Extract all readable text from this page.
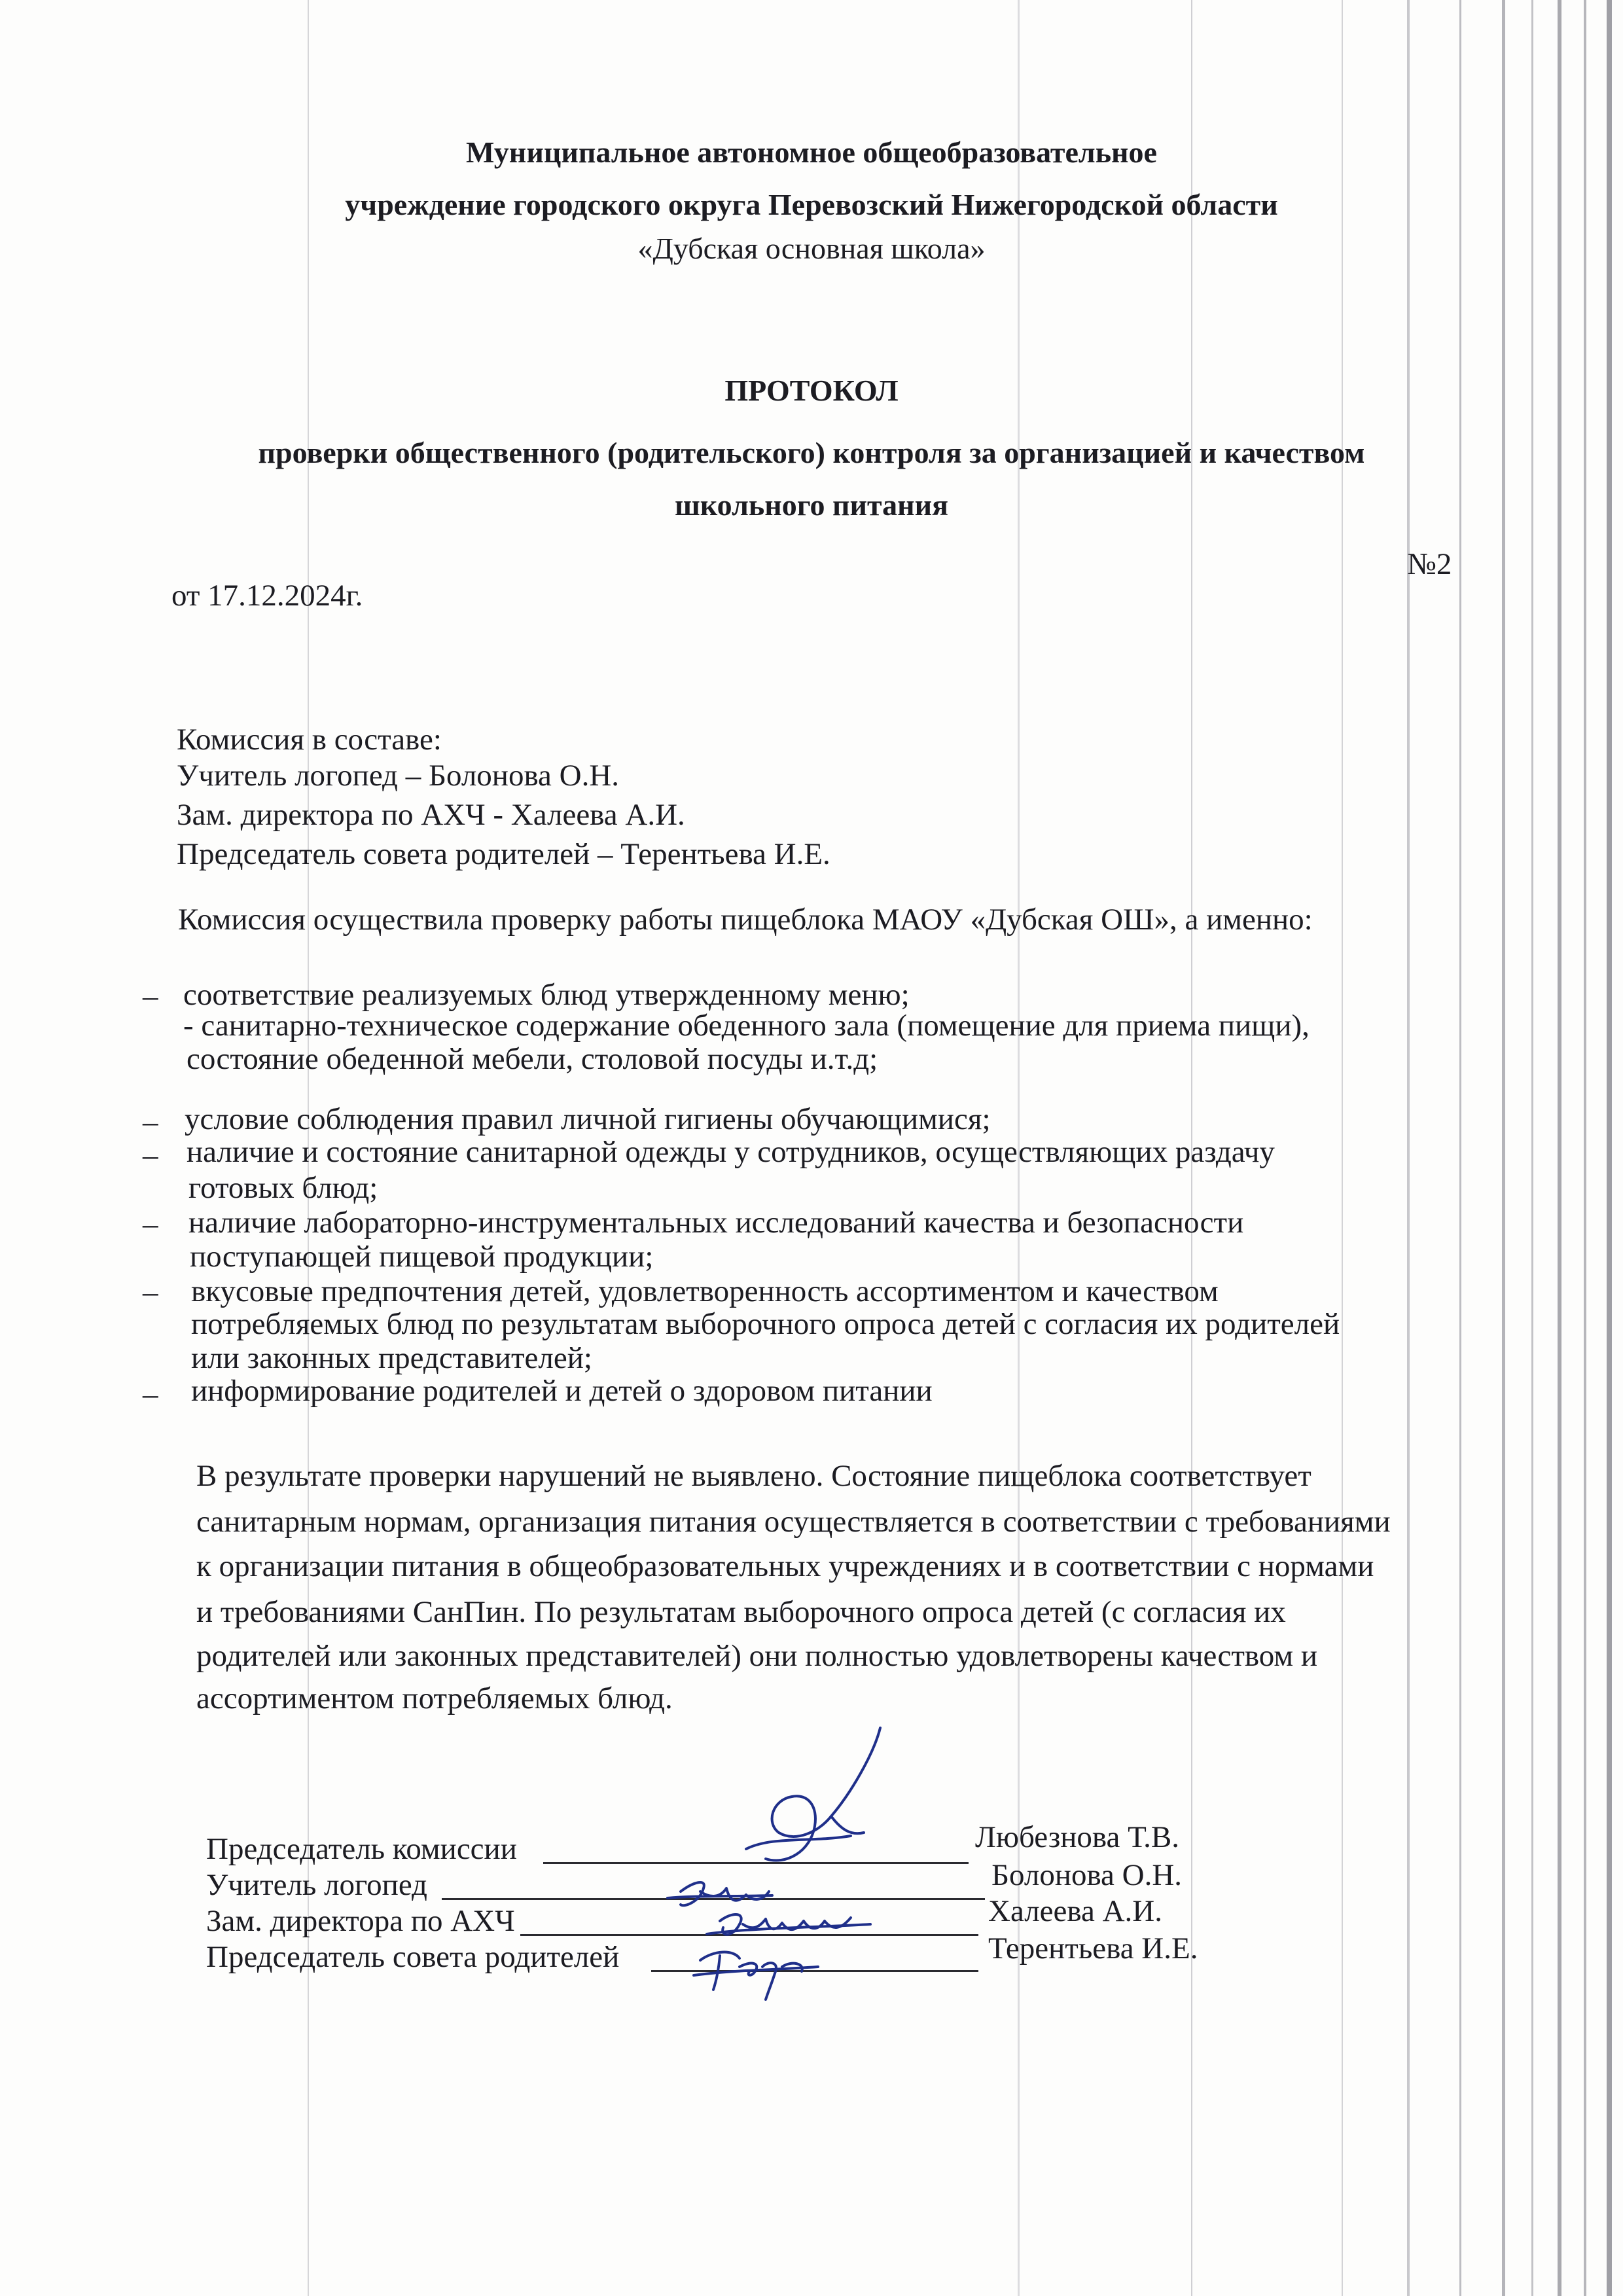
Муниципальное автономное общеобразовательное
учреждение городского округа Перевозский Нижегородской области
«Дубская основная школа»
ПРОТОКОЛ
проверки общественного (родительского) контроля за организацией и качеством
школьного питания
№2
от 17.12.2024г.
Комиссия в составе:
Учитель логопед – Болонова О.Н.
Зам. директора по АХЧ - Халеева А.И.
Председатель совета родителей – Терентьева И.Е.
Комиссия осуществила проверку работы пищеблока МАОУ «Дубская ОШ», а именно:
– соответствие реализуемых блюд утвержденному меню;
- санитарно-техническое содержание обеденного зала (помещение для приема пищи),
состояние обеденной мебели, столовой посуды и.т.д;
– условие соблюдения правил личной гигиены обучающимися;
– наличие и состояние санитарной одежды у сотрудников, осуществляющих раздачу
готовых блюд;
– наличие лабораторно-инструментальных исследований качества и безопасности
поступающей пищевой продукции;
– вкусовые предпочтения детей, удовлетворенность ассортиментом и качеством
потребляемых блюд по результатам выборочного опроса детей с согласия их родителей
или законных представителей;
– информирование родителей и детей о здоровом питании
В результате проверки нарушений не выявлено. Состояние пищеблока соответствует
санитарным нормам, организация питания осуществляется в соответствии с требованиями
к организации питания в общеобразовательных учреждениях и в соответствии с нормами
и требованиями СанПин. По результатам выборочного опроса детей (с согласия их
родителей или законных представителей) они полностью удовлетворены качеством и
ассортиментом потребляемых блюд.
Председатель комиссии	Любезнова Т.В.
Учитель логопед	Болонова О.Н.
Зам. директора по АХЧ	Халеева А.И.
Председатель совета родителей	Терентьева И.Е.
